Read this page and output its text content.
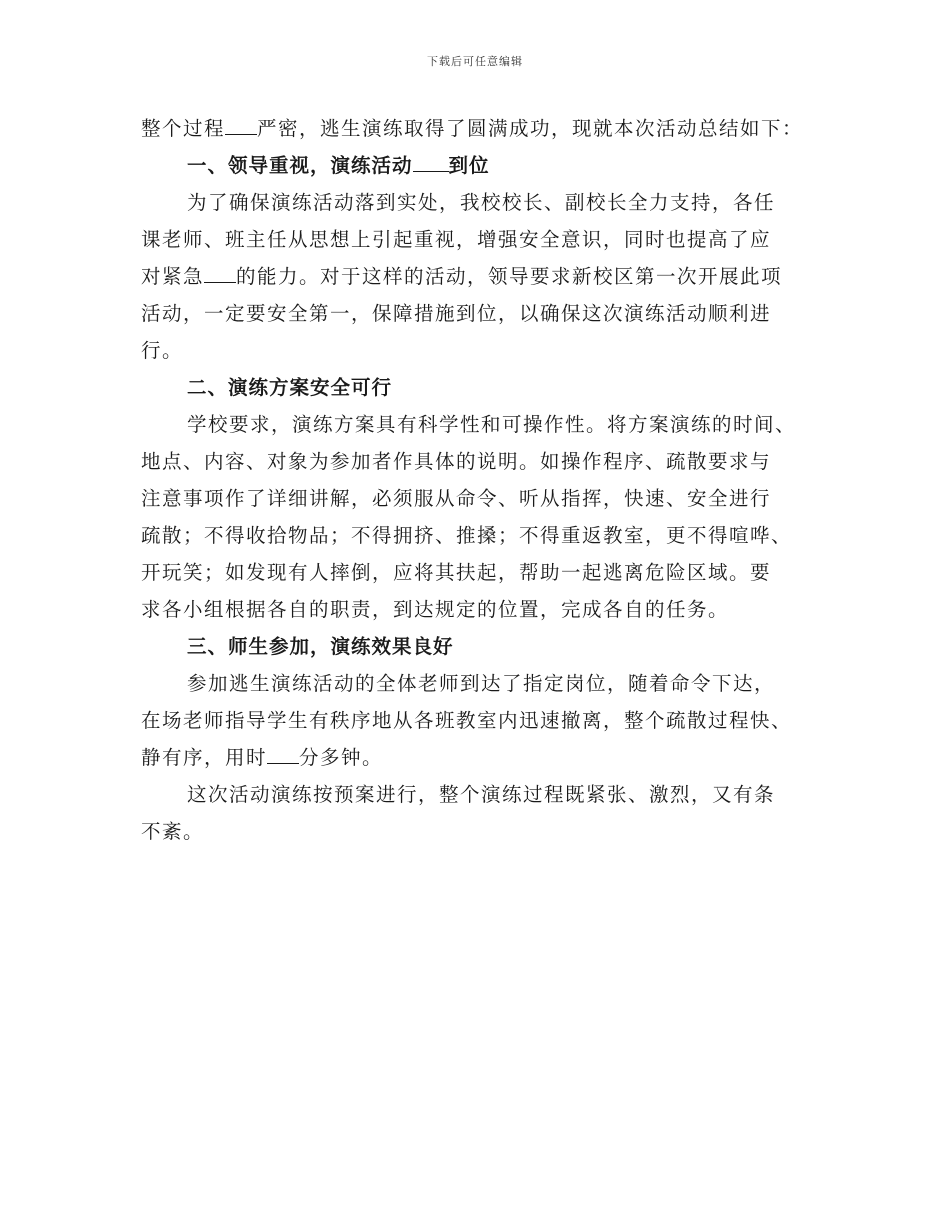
下载后可任意编辑
整个过程 严密，逃生演练取得了圆满成功，现就本次活动总结如下：
一、领导重视，演练活动 到位
为了确保演练活动落到实处，我校校长、副校长全力支持，各任
课老师、班主任从思想上引起重视，增强安全意识，同时也提高了应
对紧急 的能力。对于这样的活动，领导要求新校区第一次开展此项
活动，一定要安全第一，保障措施到位，以确保这次演练活动顺利进
行。
二、演练方案安全可行
学校要求，演练方案具有科学性和可操作性。将方案演练的时间、
地点、内容、对象为参加者作具体的说明。如操作程序、疏散要求与
注意事项作了详细讲解，必须服从命令、听从指挥，快速、安全进行
疏散；不得收拾物品；不得拥挤、推搡；不得重返教室，更不得喧哗、
开玩笑；如发现有人摔倒，应将其扶起，帮助一起逃离危险区域。要
求各小组根据各自的职责，到达规定的位置，完成各自的任务。
三、师生参加，演练效果良好
参加逃生演练活动的全体老师到达了指定岗位，随着命令下达，
在场老师指导学生有秩序地从各班教室内迅速撤离，整个疏散过程快、
静有序，用时 分多钟。
这次活动演练按预案进行，整个演练过程既紧张、激烈，又有条
不紊。
